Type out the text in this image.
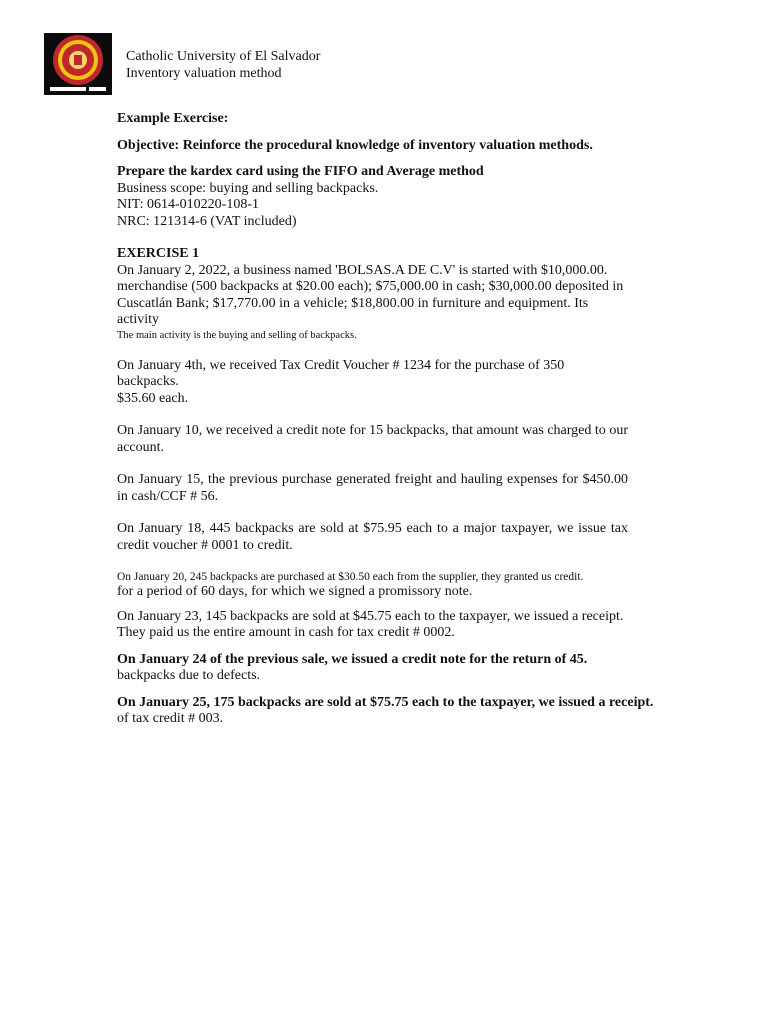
Catholic University of El Salvador
Inventory valuation method

Example Exercise:

Objective: Reinforce the procedural knowledge of inventory valuation methods.

Prepare the kardex card using the FIFO and Average method

Business scope: buying and selling backpacks.

NIT: 0614-010220-108-1

NRC: 121314-6 (VAT included)

EXERCISE 1

On January 2, 2022, a business named 'BOLSAS.A DE C.V' is started with $10,000.00.

merchandise (500 backpacks at $20.00 each); $75,000.00 in cash; $30,000.00 deposited in

Cuscatlán Bank; $17,770.00 in a vehicle; $18,800.00 in furniture and equipment. Its activity

The main activity is the buying and selling of backpacks.

On January 4th, we received Tax Credit Voucher # 1234 for the purchase of 350 backpacks.

$35.60 each.

On January 10, we received a credit note for 15 backpacks, that amount was charged to our account.

On January 15, the previous purchase generated freight and hauling expenses for $450.00 in cash/CCF # 56.

On January 18, 445 backpacks are sold at $75.95 each to a major taxpayer, we issue tax credit voucher # 0001 to credit.

On January 20, 245 backpacks are purchased at $30.50 each from the supplier, they granted us credit.

for a period of 60 days, for which we signed a promissory note.

On January 23, 145 backpacks are sold at $45.75 each to the taxpayer, we issued a receipt.

They paid us the entire amount in cash for tax credit # 0002.

On January 24 of the previous sale, we issued a credit note for the return of 45.

backpacks due to defects.

On January 25, 175 backpacks are sold at $75.75 each to the taxpayer, we issued a receipt.

of tax credit # 003.
